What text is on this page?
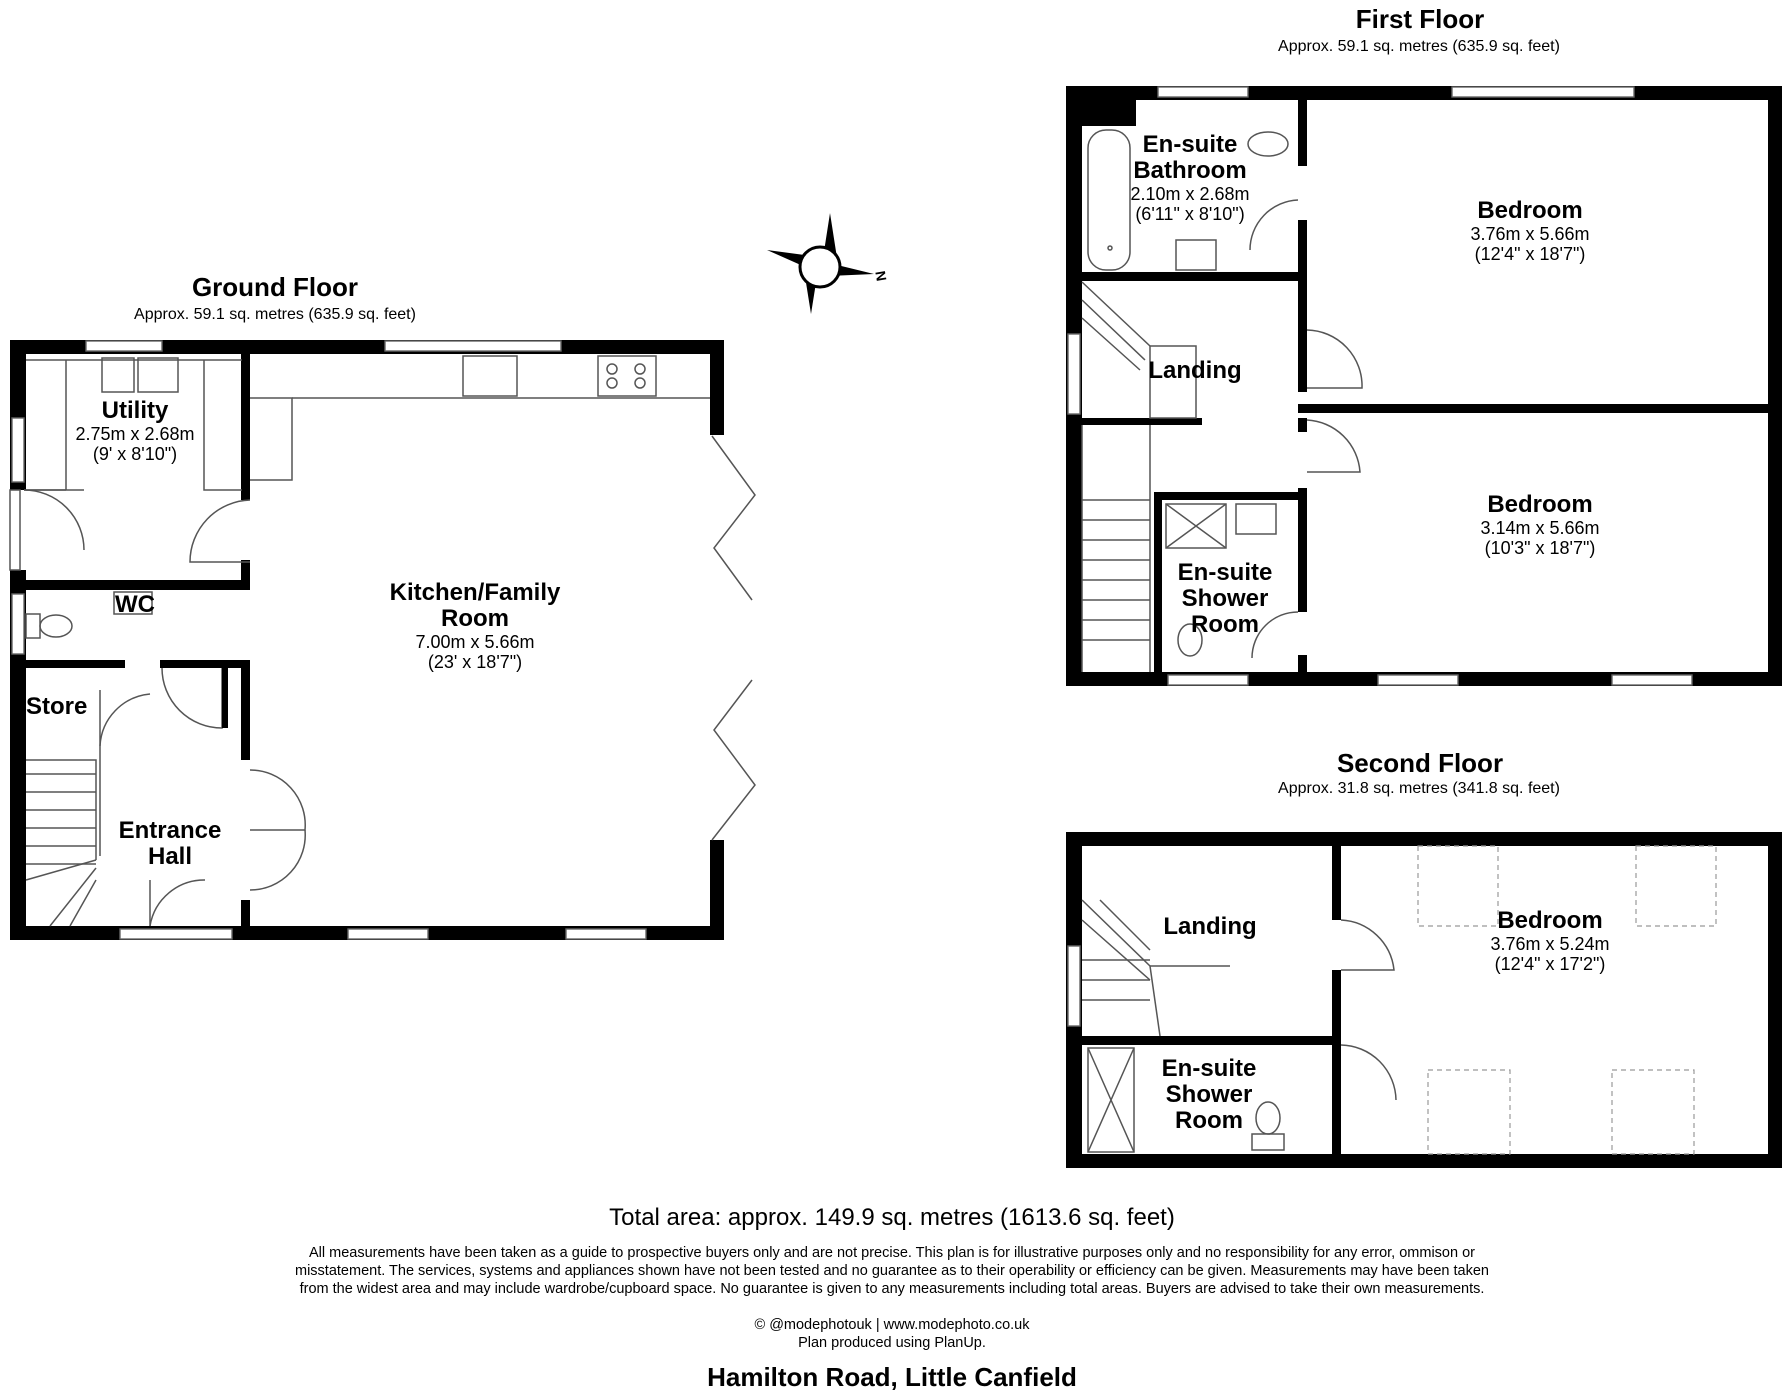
Ground Floor
Approx. 59.1 sq. metres (635.9 sq. feet)
Utility
2.75m x 2.68m
(9' x 8'10")
WC
Store
Entrance
Hall
Kitchen/Family
Room
7.00m x 5.66m
(23' x 18'7")
N
First Floor
Approx. 59.1 sq. metres (635.9 sq. feet)
En-suite
Bathroom
2.10m x 2.68m
(6'11" x 8'10")	Bedroom
3.76m x 5.66m
(12'4" x 18'7")
Landing
Bedroom
3.14m x 5.66m
(10'3" x 18'7")
En-suite
Shower
Room
Second Floor
Approx. 31.8 sq. metres (341.8 sq. feet)
Landing	Bedroom
3.76m x 5.24m
(12'4" x 17'2")
En-suite
Shower
Room
Total area: approx. 149.9 sq. metres (1613.6 sq. feet)
All measurements have been taken as a guide to prospective buyers only and are not precise. This plan is for illustrative purposes only and no responsibility for any error, ommison or
misstatement. The services, systems and appliances shown have not been tested and no guarantee as to their operability or efficiency can be given. Measurements may have been taken
from the widest area and may include wardrobe/cupboard space. No guarantee is given to any measurements including total areas. Buyers are advised to take their own measurements.
© @modephotouk | www.modephoto.co.uk
Plan produced using PlanUp.
Hamilton Road, Little Canfield
